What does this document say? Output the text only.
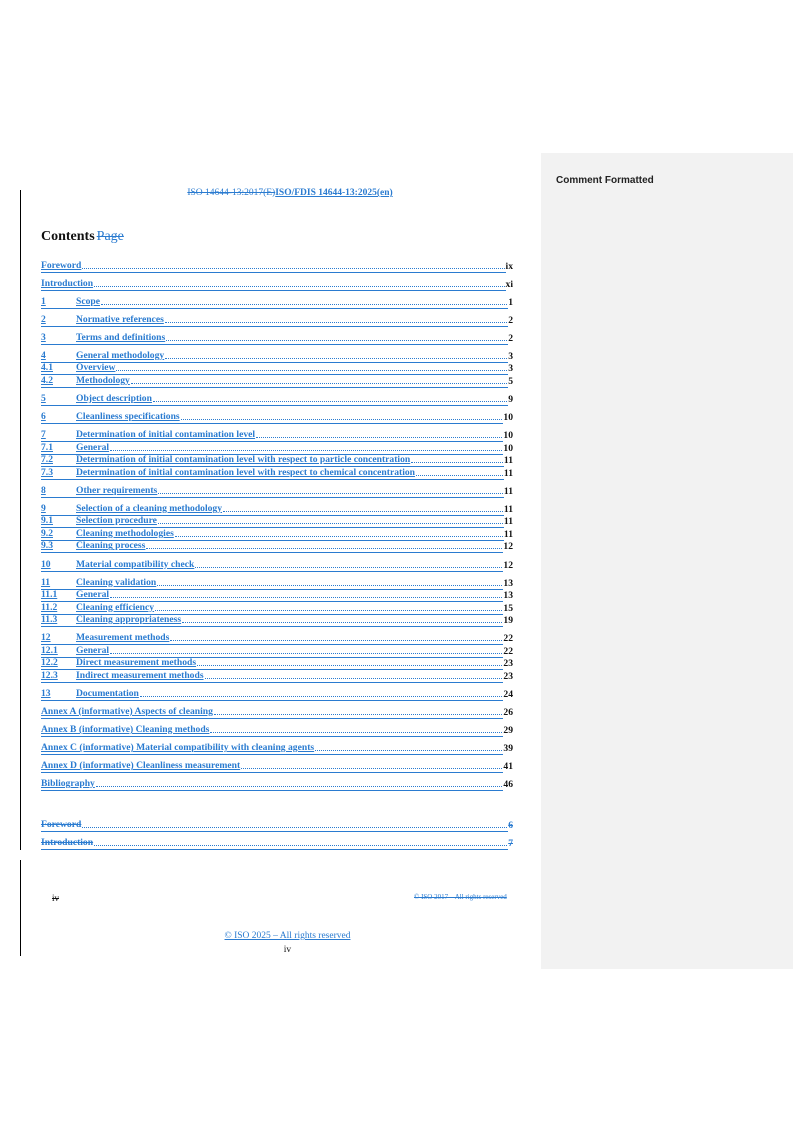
Comment Formatted
ISO 14644-13:2017(E)ISO/FDIS 14644-13:2025(en)
Contents Page
Foreword	ix
Introduction	xi
1	Scope	1
2	Normative references	2
3	Terms and definitions	2
4	General methodology	3
4.1	Overview	3
4.2	Methodology	5
5	Object description	9
6	Cleanliness specifications	10
7	Determination of initial contamination level	10
7.1	General	10
7.2	Determination of initial contamination level with respect to particle concentration	11
7.3	Determination of initial contamination level with respect to chemical concentration	11
8	Other requirements	11
9	Selection of a cleaning methodology	11
9.1	Selection procedure	11
9.2	Cleaning methodologies	11
9.3	Cleaning process	12
10	Material compatibility check	12
11	Cleaning validation	13
11.1	General	13
11.2	Cleaning efficiency	15
11.3	Cleaning appropriateness	19
12	Measurement methods	22
12.1	General	22
12.2	Direct measurement methods	23
12.3	Indirect measurement methods	23
13	Documentation	24
Annex A (informative) Aspects of cleaning	26
Annex B (informative) Cleaning methods	29
Annex C (informative) Material compatibility with cleaning agents	39
Annex D (informative) Cleanliness measurement	41
Bibliography	46
Foreword	6
Introduction	7
iv	© ISO 2017 – All rights reserved
© ISO 2025 – All rights reserved
iv
